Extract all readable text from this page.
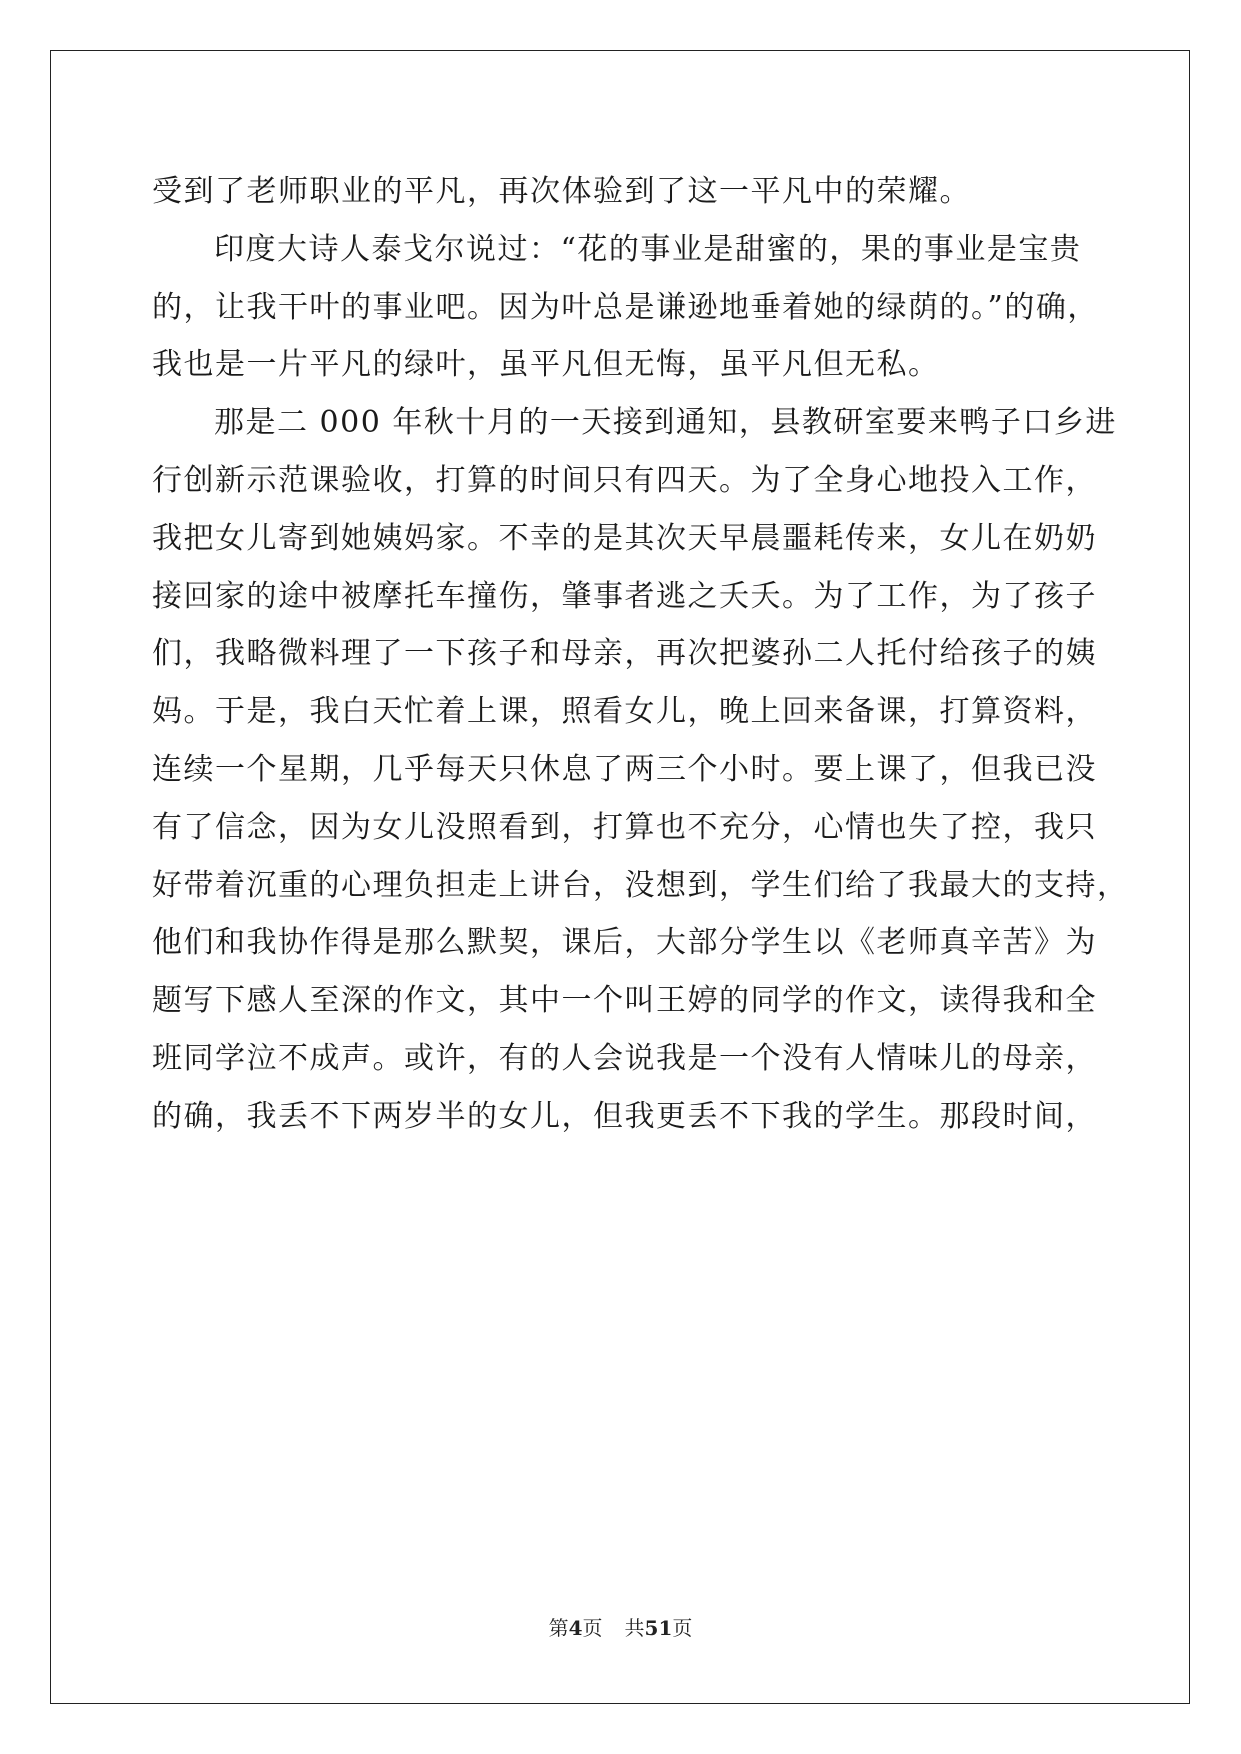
受到了老师职业的平凡，再次体验到了这一平凡中的荣耀。
印度大诗人泰戈尔说过：“花的事业是甜蜜的，果的事业是宝贵
的，让我干叶的事业吧。因为叶总是谦逊地垂着她的绿荫的。”的确，
我也是一片平凡的绿叶，虽平凡但无悔，虽平凡但无私。
那是二 000 年秋十月的一天接到通知，县教研室要来鸭子口乡进
行创新示范课验收，打算的时间只有四天。为了全身心地投入工作，
我把女儿寄到她姨妈家。不幸的是其次天早晨噩耗传来，女儿在奶奶
接回家的途中被摩托车撞伤，肇事者逃之夭夭。为了工作，为了孩子
们，我略微料理了一下孩子和母亲，再次把婆孙二人托付给孩子的姨
妈。于是，我白天忙着上课，照看女儿，晚上回来备课，打算资料，
连续一个星期，几乎每天只休息了两三个小时。要上课了，但我已没
有了信念，因为女儿没照看到，打算也不充分，心情也失了控，我只
好带着沉重的心理负担走上讲台，没想到，学生们给了我最大的支持，
他们和我协作得是那么默契，课后，大部分学生以《老师真辛苦》为
题写下感人至深的作文，其中一个叫王婷的同学的作文，读得我和全
班同学泣不成声。或许，有的人会说我是一个没有人情味儿的母亲，
的确，我丢不下两岁半的女儿，但我更丢不下我的学生。那段时间，
第4页 共51页
